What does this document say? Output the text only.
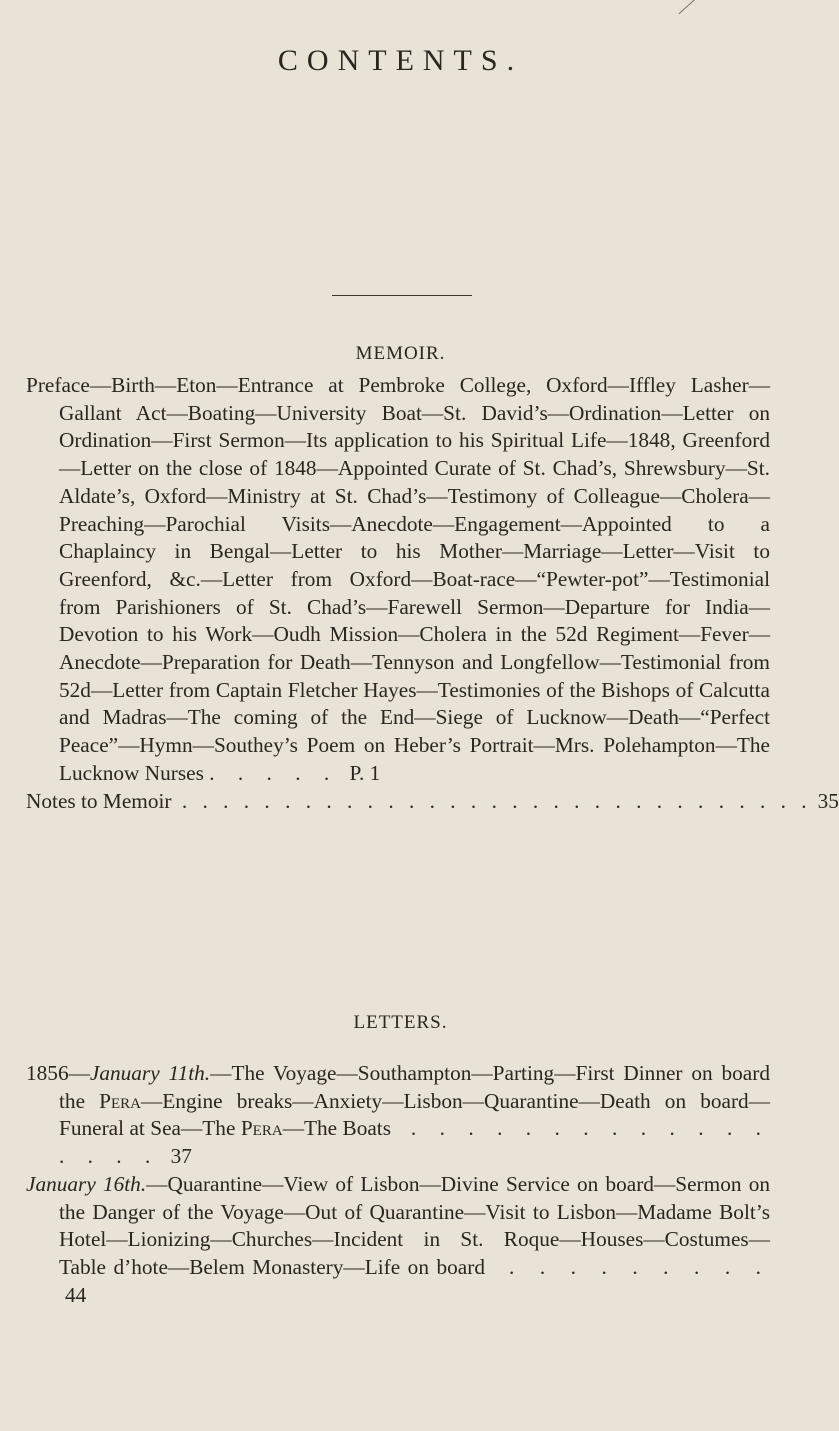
CONTENTS.
MEMOIR.

Preface—Birth—Eton—Entrance at Pembroke College, Oxford—Iffley Lasher—Gallant Act—Boating—University Boat—St. David’s—Ordination—Letter on Ordination—First Sermon—Its application to his Spiritual Life—1848, Greenford—Letter on the close of 1848—Appointed Curate of St. Chad’s, Shrewsbury—St. Aldate’s, Oxford—Ministry at St. Chad’s—Testimony of Colleague—Cholera—Preaching—Parochial Visits—Anecdote—Engagement—Appointed to a Chaplaincy in Bengal—Letter to his Mother—Marriage—Letter—Visit to Greenford, &c.—Letter from Oxford—Boat-race—“Pewter-pot”—Testimonial from Parishioners of St. Chad’s—Farewell Sermon—Departure for India—Devotion to his Work—Oudh Mission—Cholera in the 52d Regiment—Fever—Anecdote—Preparation for Death—Tennyson and Longfellow—Testimonial from 52d—Letter from Captain Fletcher Hayes—Testimonies of the Bishops of Calcutta and Madras—The coming of the End—Siege of Lucknow—Death—“Perfect Peace”—Hymn—Southey’s Poem on Heber’s Portrait—Mrs. Polehampton—The Lucknow Nurses . . . . . P. 1

Notes to Memoir . . . . . . . . . . . . . . . . . . . . . . . . . . . . . . . 35
LETTERS.

1856—January 11th.—The Voyage—Southampton—Parting—First Dinner on board the Pera—Engine breaks—Anxiety—Lisbon—Quarantine—Death on board—Funeral at Sea—The Pera—The Boats  . . . . . . . . . . . . . . . . . 37

January 16th.—Quarantine—View of Lisbon—Divine Service on board—Sermon on the Danger of the Voyage—Out of Quarantine—Visit to Lisbon—Madame Bolt’s Hotel—Lionizing—Churches—Incident in St. Roque—Houses—Costumes—Table d’hote—Belem Monastery—Life on board  . . . . . . . . . 44
